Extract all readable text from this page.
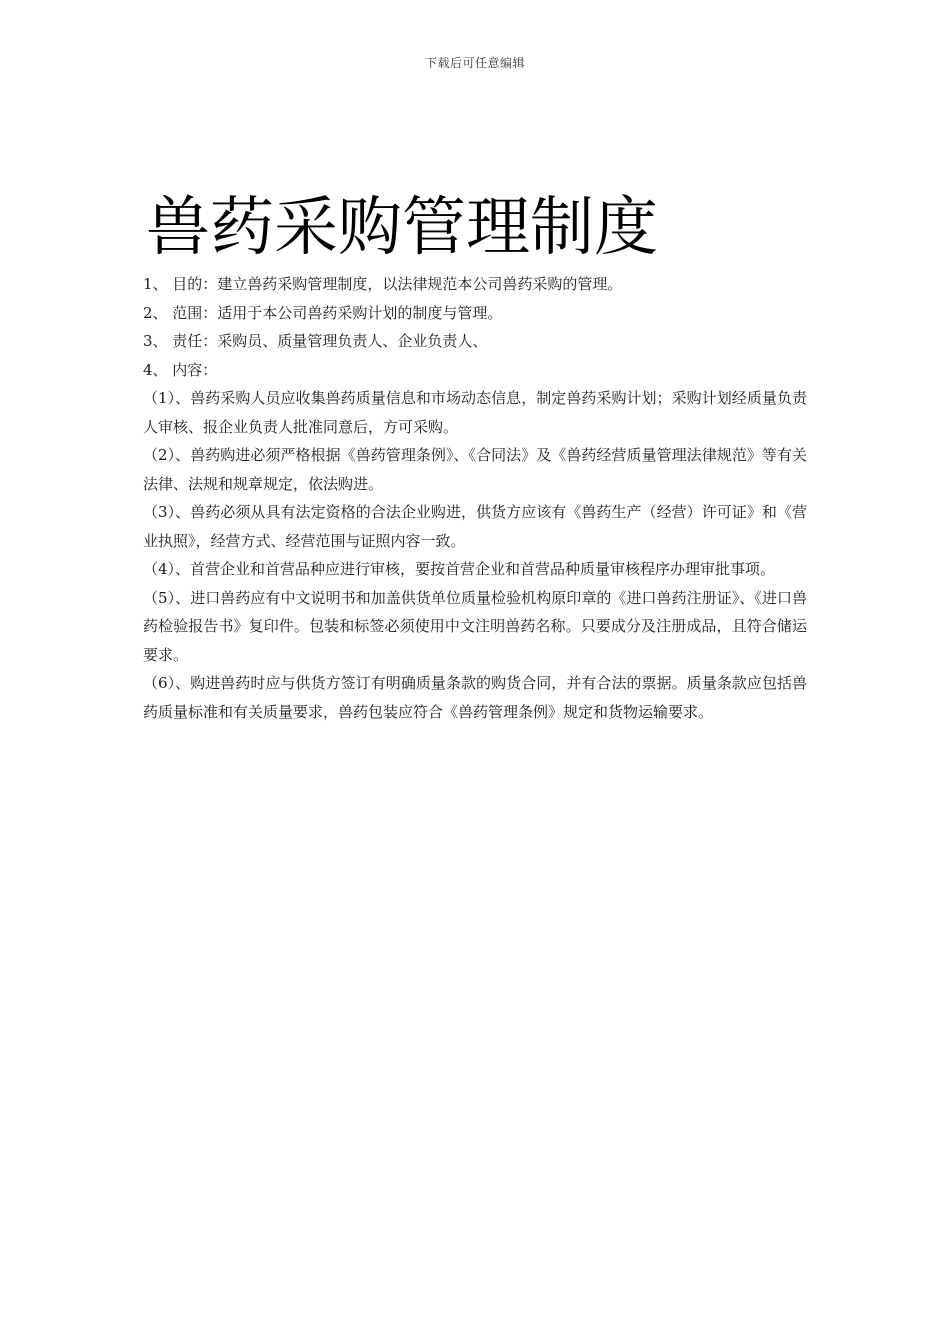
下载后可任意编辑
兽药采购管理制度

1、 目的：建立兽药采购管理制度，以法律规范本公司兽药采购的管理。

2、 范围：适用于本公司兽药采购计划的制度与管理。

3、 责任：采购员、质量管理负责人、企业负责人、

4、 内容：

（1）、兽药采购人员应收集兽药质量信息和市场动态信息，制定兽药采购计划；采购计划经质量负责人审核、报企业负责人批准同意后，方可采购。

（2）、兽药购进必须严格根据《兽药管理条例》、《合同法》及《兽药经营质量管理法律规范》等有关法律、法规和规章规定，依法购进。

（3）、兽药必须从具有法定资格的合法企业购进，供货方应该有《兽药生产（经营）许可证》和《营业执照》，经营方式、经营范围与证照内容一致。

（4）、首营企业和首营品种应进行审核，要按首营企业和首营品种质量审核程序办理审批事项。

（5）、进口兽药应有中文说明书和加盖供货单位质量检验机构原印章的《进口兽药注册证》、《进口兽药检验报告书》复印件。包装和标签必须使用中文注明兽药名称。只要成分及注册成品，且符合储运要求。

（6）、购进兽药时应与供货方签订有明确质量条款的购货合同，并有合法的票据。质量条款应包括兽药质量标准和有关质量要求，兽药包装应符合《兽药管理条例》规定和货物运输要求。
